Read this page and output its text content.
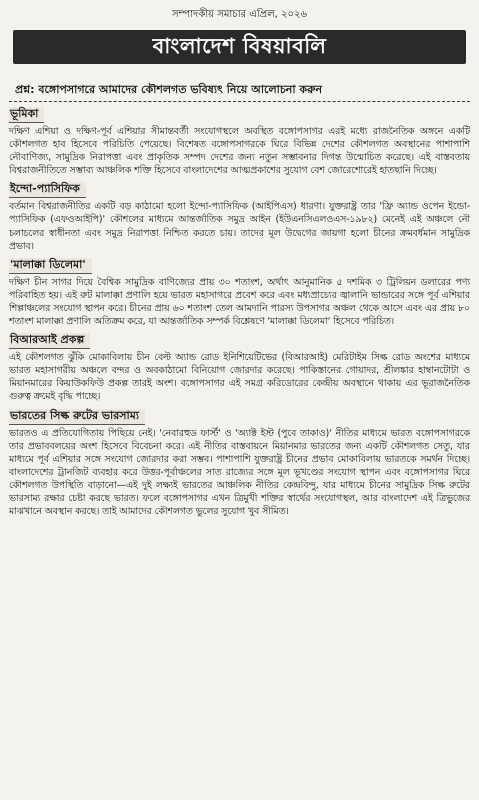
সম্পাদকীয় সমাচার এপ্রিল, ২০২৬
বাংলাদেশ বিষয়াবলি
প্রশ্ন: বঙ্গোপসাগরে আমাদের কৌশলগত ভবিষ্যৎ নিয়ে আলোচনা করুন
ভূমিকা
দক্ষিণ এশিয়া ও দক্ষিণ-পূর্ব এশিয়ার সীমান্তবর্তী সংযোগস্থলে অবস্থিত বঙ্গোপসাগর এরই মধ্যে রাজনৈতিক অঙ্গনে একটি কৌশলগত হাব হিসেবে পরিচিতি পেয়েছে। বিশেষত বঙ্গোপসাগরকে ঘিরে বিভিন্ন দেশের কৌশলগত অবস্থানের পাশাপাশি নৌবাণিজ্য, সামুদ্রিক নিরাপত্তা এবং প্রাকৃতিক সম্পদ দেশের জন্য নতুন সম্ভাবনার দিগন্ত উন্মোচিত করেছে। এই বাস্তবতায় বিশ্বরাজনীতিতে সম্ভাব্য আঞ্চলিক শক্তি হিসেবে বাংলাদেশের আত্মপ্রকাশের সুযোগ বেশ জোরেশোরেই হাতছানি দিচ্ছে।
ইন্দো-প্যাসিফিক
বর্তমান বিশ্বরাজনীতির একটি বড় কাঠামো হলো ইন্দো-প্যাসিফিক (আইপিএস) ধারণা। যুক্তরাষ্ট্র তার 'ফ্রি অ্যান্ড ওপেন ইন্ডো-প্যাসিফিক (এফওআইপি)' কৌশলের মাধ্যমে আন্তর্জাতিক সমুদ্র আইন (ইউএনসিএলওএস-১৯৮২) মেনেই এই অঞ্চলে নৌ চলাচলের স্বাধীনতা এবং সমুদ্র নিরাপত্তা নিশ্চিত করতে চায়। তাদের মূল উদ্বেগের জায়গা হলো চীনের ক্রমবর্ধমান সামুদ্রিক প্রভাব।
'মালাক্কা ডিলেমা'
দক্ষিণ চীন সাগর দিয়ে বৈশ্বিক সামুদ্রিক বাণিজ্যের প্রায় ৩০ শতাংশ, অর্থাৎ আনুমানিক ৫ দশমিক ৩ ট্রিলিয়ন ডলারের পণ্য পরিবাহিত হয়। এই রুট মালাক্কা প্রণালি হয়ে ভারত মহাসাগরে প্রবেশ করে এবং মধ্যপ্রাচ্যের জ্বালানি ভান্ডারের সঙ্গে পূর্ব এশিয়ার শিল্পাঞ্চলের সংযোগ স্থাপন করে। চীনের প্রায় ৬০ শতাংশ তেল আমদানি পারস্য উপসাগর অঞ্চল থেকে আসে এবং এর প্রায় ৮০ শতাংশ মালাক্কা প্রণালি অতিক্রম করে, যা আন্তর্জাতিক সম্পর্ক বিশ্লেষণে 'মালাক্কা ডিলেমা' হিসেবে পরিচিত।
বিআরআই প্রকল্প
এই কৌশলগত ঝুঁকি মোকাবিলায় চীন বেল্ট অ্যান্ড রোড ইনিশিয়েটিভের (বিআরআই) মেরিটাইম সিল্ক রোড অংশের মাধ্যমে ভারত মহাসাগরীয় অঞ্চলে বন্দর ও অবকাঠামো বিনিয়োগ জোরদার করেছে। পাকিস্তানের গোয়াদর, শ্রীলঙ্কার হাম্বানটোটা ও মিয়ানমারের কিয়াউকফিউ প্রকল্প তারই অংশ। বঙ্গোপসাগর এই সমগ্র করিডোরের কেন্দ্রীয় অবস্থানে থাকায় এর ভূরাজনৈতিক গুরুত্ব ক্রমেই বৃদ্ধি পাচ্ছে।
ভারতের সিল্ক রুটের ভারসাম্য
ভারতও এ প্রতিযোগিতায় পিছিয়ে নেই। 'নেবারহুড ফার্স্ট' ও 'অ্যাক্ট ইস্ট (পুবে তাকাও)' নীতির মাধ্যমে ভারত বঙ্গোপসাগরকে তার প্রভাববলয়ের অংশ হিসেবে বিবেচনা করে। এই নীতির বাস্তবায়নে মিয়ানমার ভারতের জন্য একটি কৌশলগত সেতু, যার মাধ্যমে পূর্ব এশিয়ার সঙ্গে সংযোগ জোরদার করা সম্ভব। পাশাপাশি যুক্তরাষ্ট্র চীনের প্রভাব মোকাবিলায় ভারতকে সমর্থন দিচ্ছে। বাংলাদেশের ট্রানজিট ব্যবহার করে উত্তর-পূর্বাঞ্চলের সাত রাজ্যের সঙ্গে মূল ভূখণ্ডের সংযোগ স্থাপন এবং বঙ্গোপসাগর ঘিরে কৌশলগত উপস্থিতি বাড়ানো—এই দুই লক্ষ্যই ভারতের আঞ্চলিক নীতির কেন্দ্রবিন্দু, যার মাধ্যমে চীনের সামুদ্রিক সিল্ক রুটের ভারসাম্য রক্ষার চেষ্টা করছে ভারত। ফলে বঙ্গোপসাগর এখন ত্রিমুখী শক্তির স্বার্থের সংযোগস্থল, আর বাংলাদেশ এই ত্রিভুজের মাঝখানে অবস্থান করছে। তাই আমাদের কৌশলগত ভুলের সুযোগ খুব সীমিত।
